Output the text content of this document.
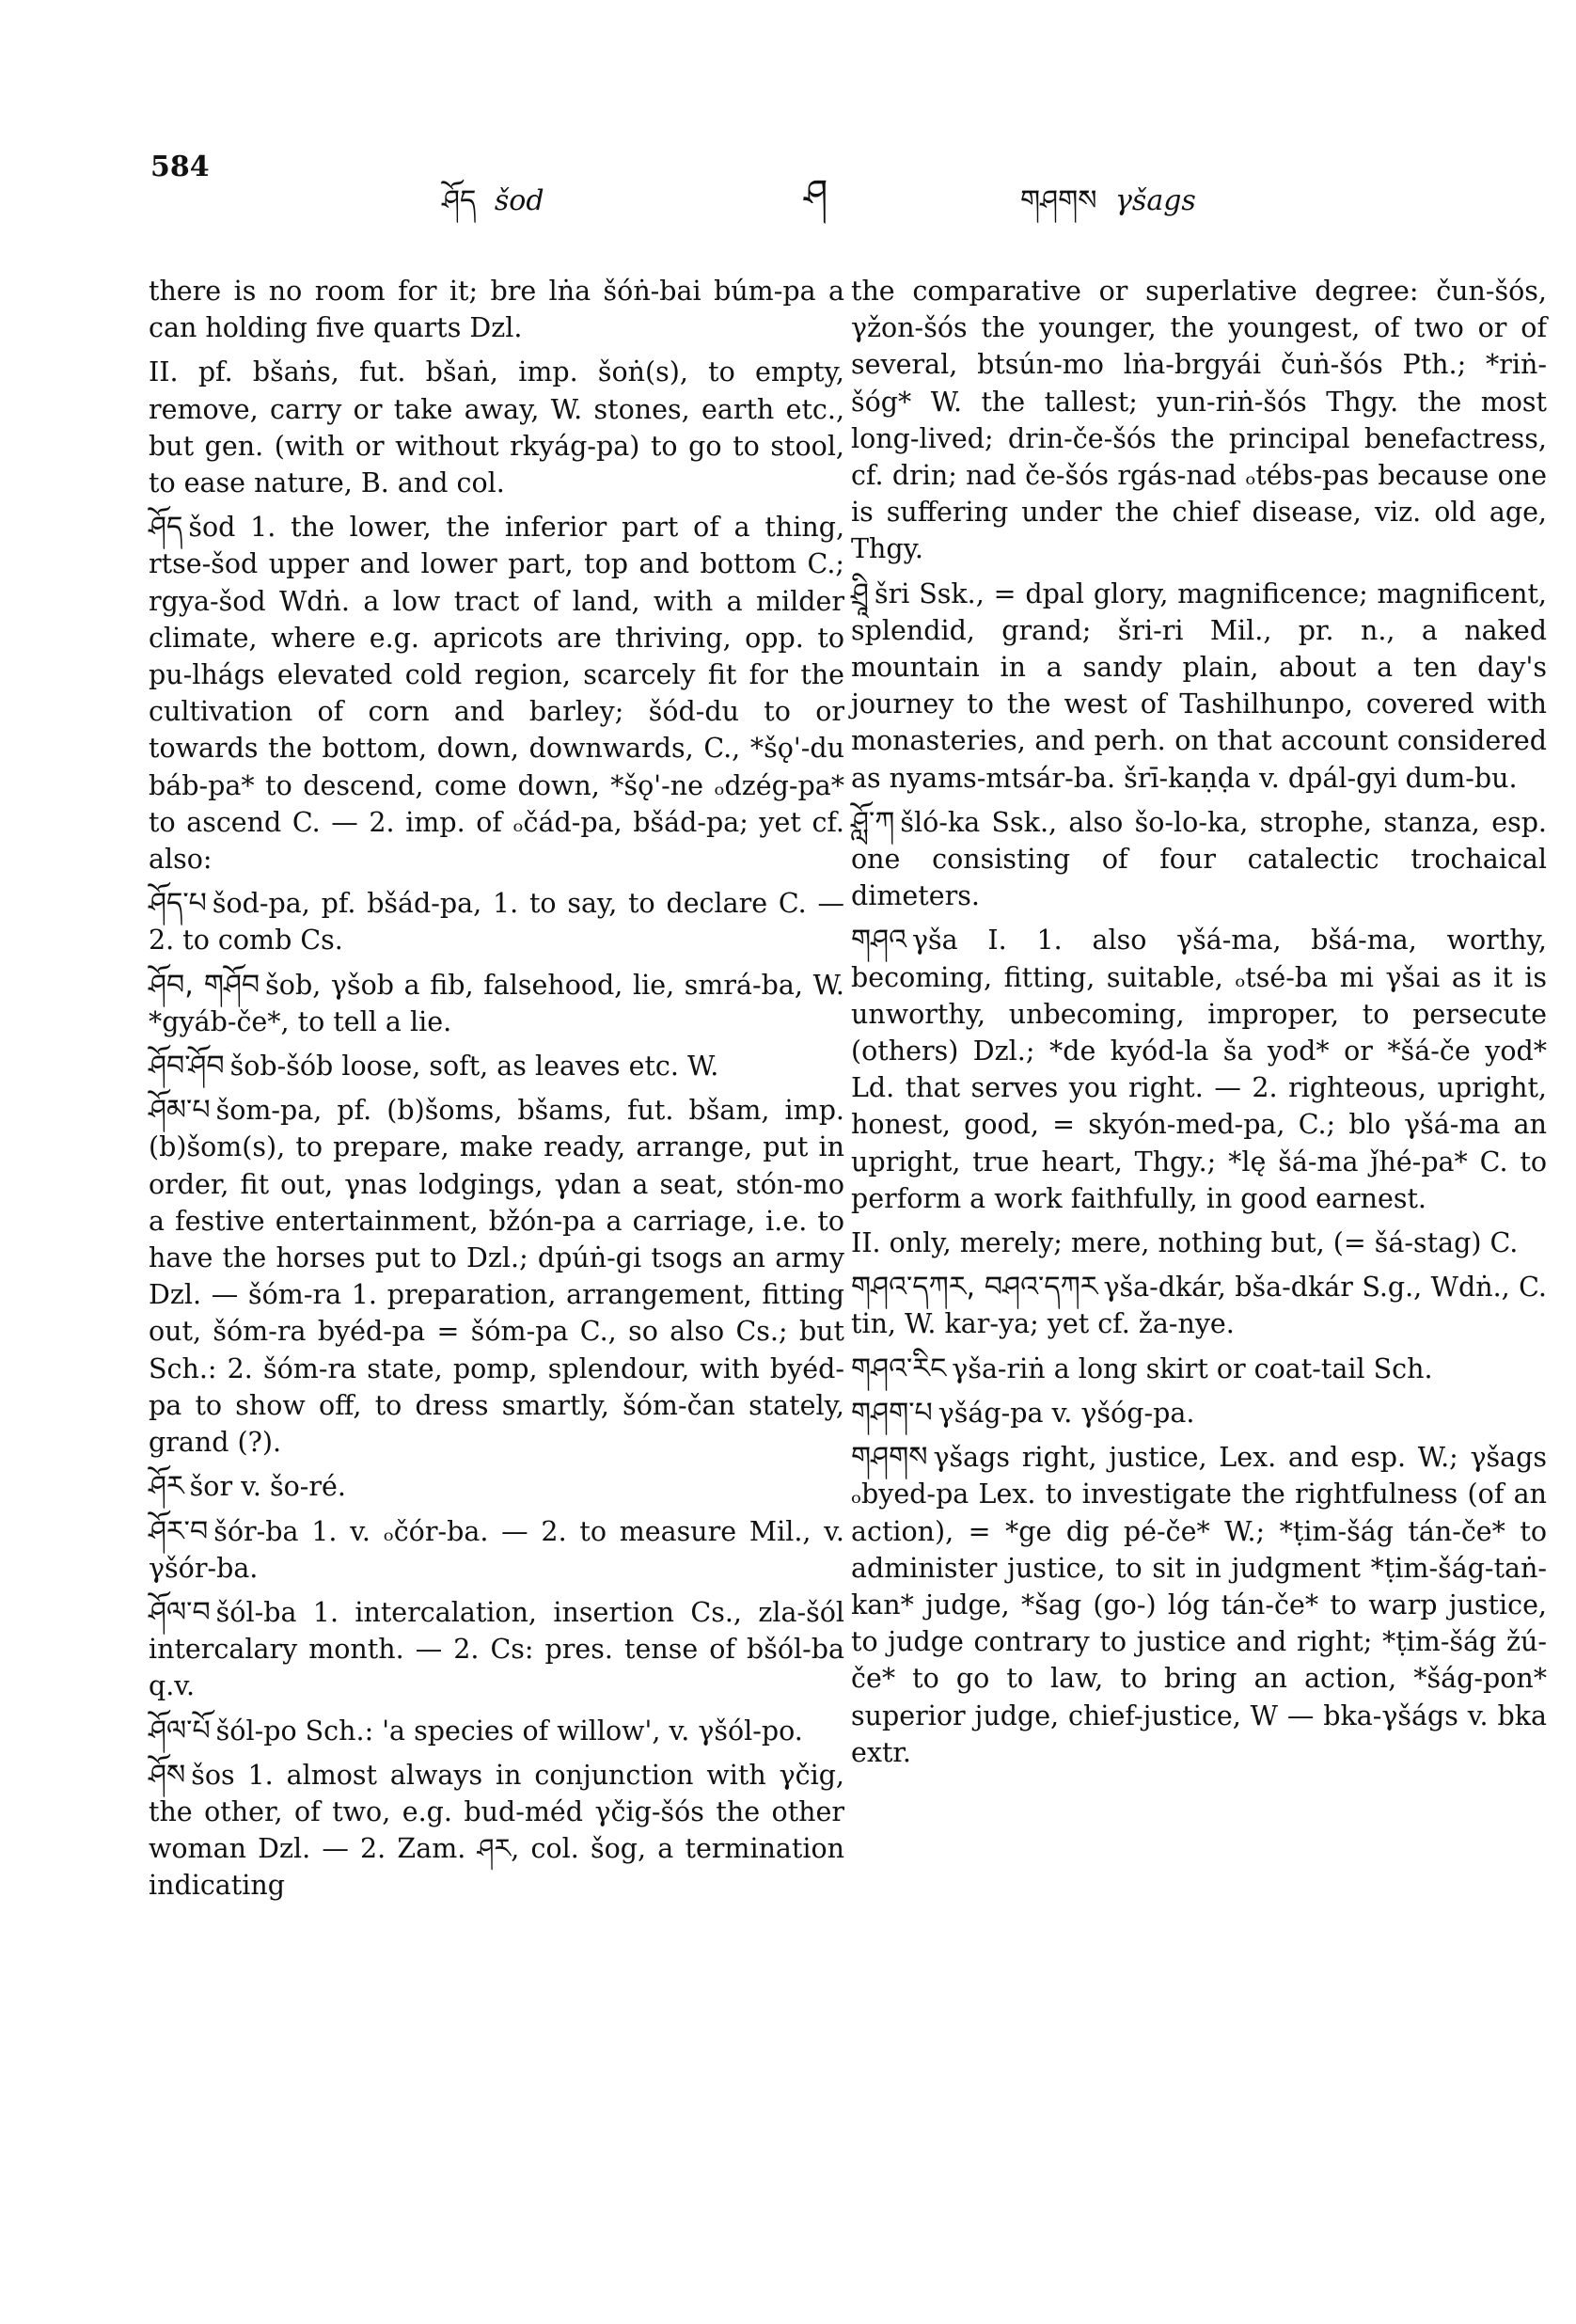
584
ཤོད šod	ཤ	གཤགས γšags

there is no room for it; bre lṅa šóṅ-bai búm-pa a can holding five quarts Dzl.

II. pf. bšaṅs, fut. bšaṅ, imp. šoṅ(s), to empty, remove, carry or take away, W. stones, earth etc., but gen. (with or without rkyág-pa) to go to stool, to ease nature, B. and col.

ཤོད šod 1. the lower, the inferior part of a thing, rtse-šod upper and lower part, top and bottom C.; rgya-šod Wdṅ. a low tract of land, with a milder climate, where e.g. apricots are thriving, opp. to pu-lhágs elevated cold region, scarcely fit for the cultivation of corn and barley; šód-du to or towards the bottom, down, downwards, C., *šǫ'-du báb-pa* to descend, come down, *šǫ'-ne ₒdzég-pa* to ascend C. — 2. imp. of ₒčád-pa, bšád-pa; yet cf. also:

ཤོད་པ šod-pa, pf. bšád-pa, 1. to say, to declare C. — 2. to comb Cs.

ཤོབ, གཤོབ šob, γšob a fib, falsehood, lie, smrá-ba, W. *gyáb-če*, to tell a lie.

ཤོབ་ཤོབ šob-šób loose, soft, as leaves etc. W.

ཤོམ་པ šom-pa, pf. (b)šoms, bšams, fut. bšam, imp. (b)šom(s), to prepare, make ready, arrange, put in order, fit out, γnas lodgings, γdan a seat, stón-mo a festive entertainment, bžón-pa a carriage, i.e. to have the horses put to Dzl.; dpúṅ-gi tsogs an army Dzl. — šóm-ra 1. preparation, arrangement, fitting out, šóm-ra byéd-pa = šóm-pa C., so also Cs.; but Sch.: 2. šóm-ra state, pomp, splendour, with byéd-pa to show off, to dress smartly, šóm-čan stately, grand (?).

ཤོར šor v. šo-ré.

ཤོར་བ šór-ba 1. v. ₒčór-ba. — 2. to measure Mil., v. γšór-ba.

ཤོལ་བ šól-ba 1. intercalation, insertion Cs., zla-šól intercalary month. — 2. Cs: pres. tense of bšól-ba q.v.

ཤོལ་པོ šól-po Sch.: 'a species of willow', v. γšól-po.

ཤོས šos 1. almost always in conjunction with γčig, the other, of two, e.g. bud-méd γčig-šós the other woman Dzl. — 2. Zam. ཤར, col. šog, a termination indicating

the comparative or superlative degree: čun-šós, γžon-šós the younger, the youngest, of two or of several, btsún-mo lṅa-brgyái čuṅ-šós Pth.; *riṅ-šóg* W. the tallest; yun-riṅ-šós Thgy. the most long-lived; drin-če-šós the principal benefactress, cf. drin; nad če-šós rgás-nad ₒtébs-pas because one is suffering under the chief disease, viz. old age, Thgy.

ཤྲཱི šri Ssk., = dpal glory, magnificence; magnificent, splendid, grand; šri-ri Mil., pr. n., a naked mountain in a sandy plain, about a ten day's journey to the west of Tashilhunpo, covered with monasteries, and perh. on that account considered as nyams-mtsár-ba. šrī-kaṇḍa v. dpál-gyi dum-bu.

ཤློ་ཀ šló-ka Ssk., also šo-lo-ka, strophe, stanza, esp. one consisting of four catalectic trochaical dimeters.

གཤའ γša I. 1. also γšá-ma, bšá-ma, worthy, becoming, fitting, suitable, ₒtsé-ba mi γšai as it is unworthy, unbecoming, improper, to persecute (others) Dzl.; *de kyód-la ša yod* or *šá-če yod* Ld. that serves you right. — 2. righteous, upright, honest, good, = skyón-med-pa, C.; blo γšá-ma an upright, true heart, Thgy.; *lę šá-ma ǰhé-pa* C. to perform a work faithfully, in good earnest.

II. only, merely; mere, nothing but, (= šá-stag) C.

གཤའ་དཀར, བཤའ་དཀར γša-dkár, bša-dkár S.g., Wdṅ., C. tin, W. kar-ya; yet cf. ža-nye.

གཤའ་རིང γša-riṅ a long skirt or coat-tail Sch.

གཤག་པ γšág-pa v. γšóg-pa.

གཤགས γšags right, justice, Lex. and esp. W.; γšags ₒbyed-pa Lex. to investigate the rightfulness (of an action), = *ge dig pé-če* W.; *ṭim-šág tán-če* to administer justice, to sit in judgment *ṭim-šág-taṅ-kan* judge, *šag (go-) lóg tán-če* to warp justice, to judge contrary to justice and right; *ṭim-šág žú-če* to go to law, to bring an action, *šág-pon* superior judge, chief-justice, W — bka-γšágs v. bka extr.
